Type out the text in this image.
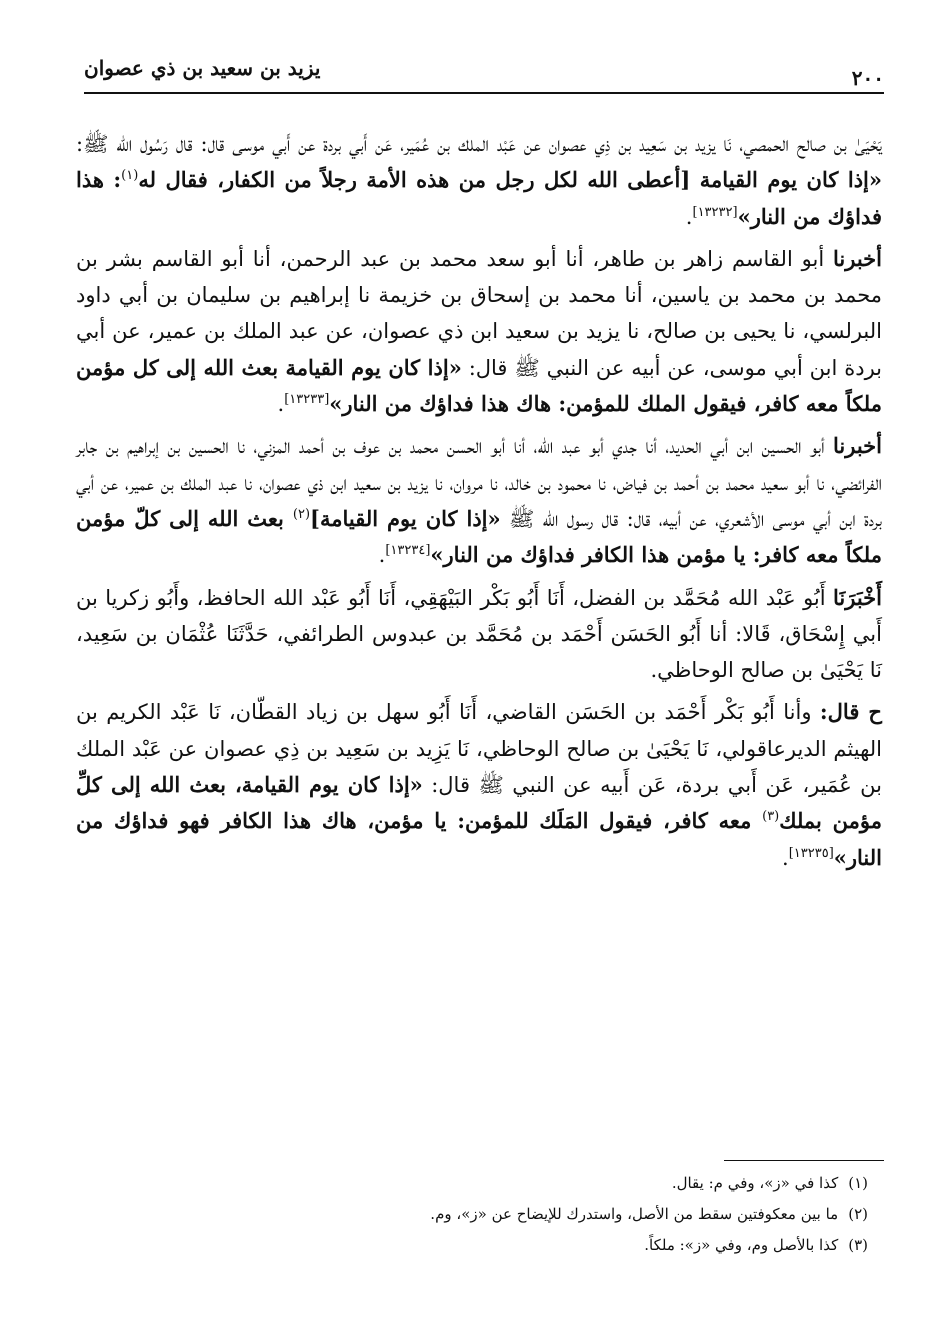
يزيد بن سعيد بن ذي عصوان	٢٠٠

يَحْيَىٰ بن صالح الحمصي، نَا يزيد بن سَعِيد بن ذِي عصوان عن عَبْد الملك بن عُمَير، عَن أَبي بردة عن أَبي موسى قال: قال رَسُول الله ﷺ: «إذا كان يوم القيامة [أعطى الله لكل رجل من هذه الأمة رجلاً من الكفار، فقال له$^{(١)}$: هذا فداؤك من النار»[١٣٢٣٢].

أخبرنا أبو القاسم زاهر بن طاهر، أنا أبو سعد محمد بن عبد الرحمن، أنا أبو القاسم بشر بن محمد بن محمد بن ياسين، أنا محمد بن إسحاق بن خزيمة نا إبراهيم بن سليمان بن أبي داود البرلسي، نا يحيى بن صالح، نا يزيد بن سعيد ابن ذي عصوان، عن عبد الملك بن عمير، عن أبي بردة ابن أبي موسى، عن أبيه عن النبي ﷺ قال: «إذا كان يوم القيامة بعث الله إلى كل مؤمن ملكاً معه كافر، فيقول الملك للمؤمن: هاك هذا فداؤك من النار»[١٣٢٣٣].

أخبرنا أبو الحسين ابن أبي الحديد، أنا جدي أبو عبد الله، أنا أبو الحسن محمد بن عوف بن أحمد المزني، نا الحسين بن إبراهيم بن جابر الفرائضي، نا أبو سعيد محمد بن أحمد بن فياض، نا محمود بن خالد، نا مروان، نا يزيد بن سعيد ابن ذي عصوان، نا عبد الملك بن عمير، عن أبي بردة ابن أبي موسى الأشعري، عن أبيه، قال: قال رسول الله ﷺ «إذا كان يوم القيامة]$^{(٢)}$ بعث الله إلى كلّ مؤمن ملكاً معه كافر: يا مؤمن هذا الكافر فداؤك من النار»[١٣٢٣٤].

أَخْبَرَنَا أَبُو عَبْد الله مُحَمَّد بن الفضل، أَنَا أَبُو بَكْر البَيْهَقِي، أَنَا أَبُو عَبْد الله الحافظ، وأَبُو زكريا بن أَبي إِسْحَاق، قَالا: أنا أَبُو الحَسَن أَحْمَد بن مُحَمَّد بن عبدوس الطرائفي، حَدَّثَنَا عُثْمَان بن سَعِيد، نَا يَحْيَىٰ بن صالح الوحاظي.

ح قال: وأنا أَبُو بَكْر أَحْمَد بن الحَسَن القاضي، أَنَا أَبُو سهل بن زياد القطّان، نَا عَبْد الكريم بن الهيثم الديرعاقولي، نَا يَحْيَىٰ بن صالح الوحاظي، نَا يَزِيد بن سَعِيد بن ذِي عصوان عن عَبْد الملك بن عُمَير، عَن أَبي بردة، عَن أَبيه عن النبي ﷺ قال: «إذا كان يوم القيامة، بعث الله إلى كلِّ مؤمن بملك$^{(٣)}$ معه كافر، فيقول المَلَك للمؤمن: يا مؤمن، هاك هذا الكافر فهو فداؤك من النار»[١٣٢٣٥].

(١)كذا في «ز»، وفي م: يقال.
(٢)ما بين معكوفتين سقط من الأصل، واستدرك للإيضاح عن «ز»، وم.
(٣)كذا بالأصل وم، وفي «ز»: ملكاً.
